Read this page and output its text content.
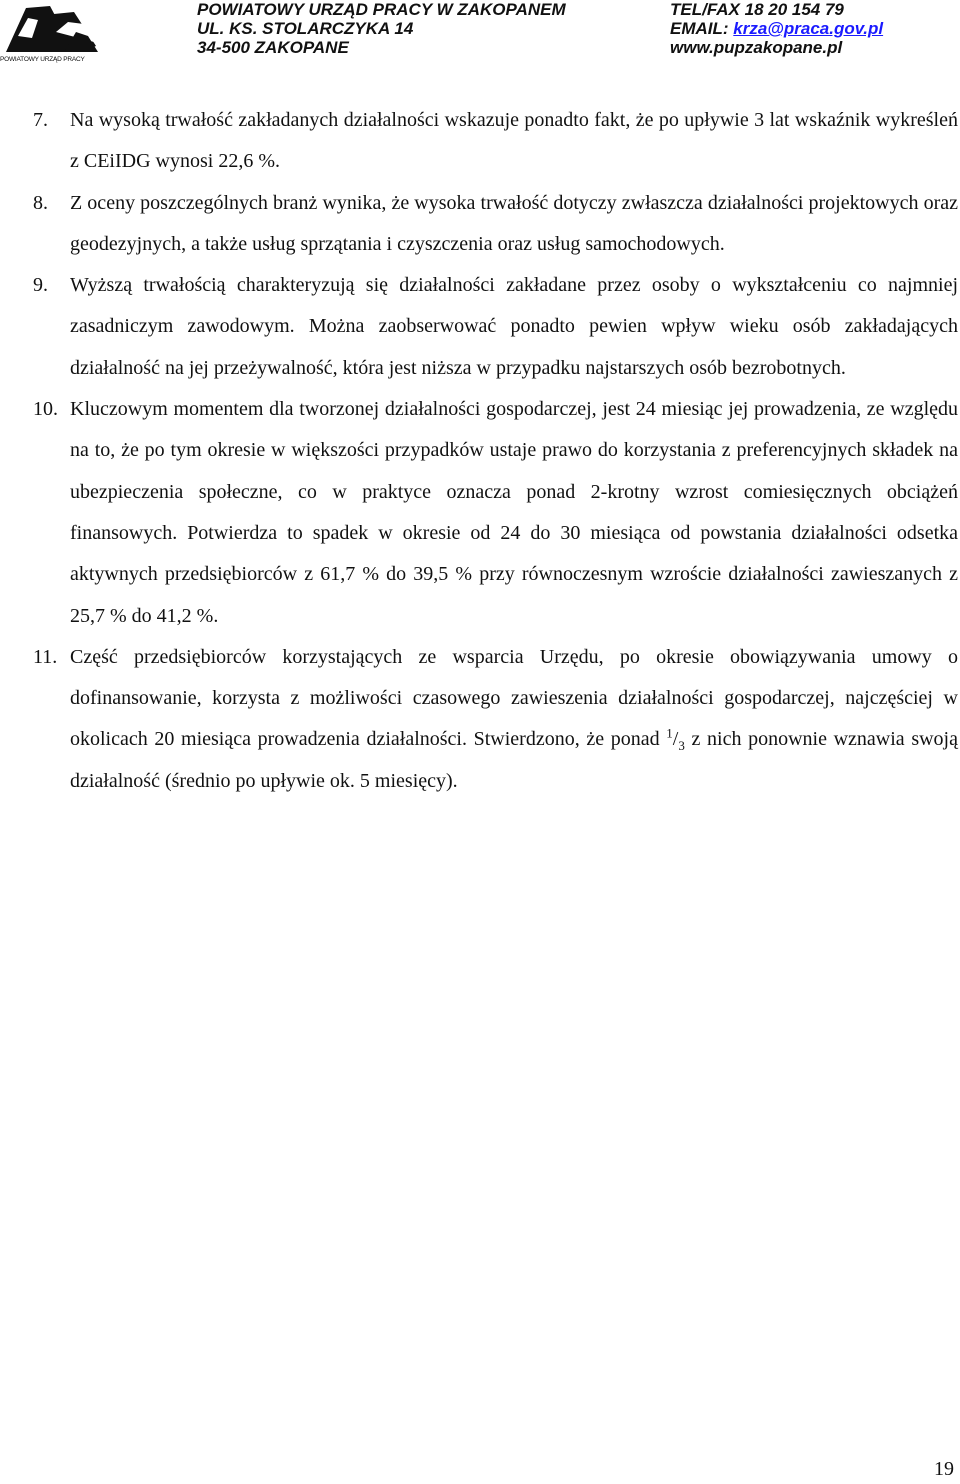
POWIATOWY URZĄD PRACY
POWIATOWY URZĄD PRACY W ZAKOPANEM
UL. KS. STOLARCZYKA 14
34-500 ZAKOPANE
TEL/FAX 18 20 154 79
EMAIL: krza@praca.gov.pl
www.pupzakopane.pl
7. Na wysoką trwałość zakładanych działalności wskazuje ponadto fakt, że po upływie 3 lat wskaźnik wykreśleń z CEiIDG wynosi 22,6 %.

8. Z oceny poszczególnych branż wynika, że wysoka trwałość dotyczy zwłaszcza działalności projektowych oraz geodezyjnych, a także usług sprzątania i czyszczenia oraz usług samochodowych.

9. Wyższą trwałością charakteryzują się działalności zakładane przez osoby o wykształceniu co najmniej zasadniczym zawodowym. Można zaobserwować ponadto pewien wpływ wieku osób zakładających działalność na jej przeżywalność, która jest niższa w przypadku najstarszych osób bezrobotnych.

10. Kluczowym momentem dla tworzonej działalności gospodarczej, jest 24 miesiąc jej prowadzenia, ze względu na to, że po tym okresie w większości przypadków ustaje prawo do korzystania z preferencyjnych składek na ubezpieczenia społeczne, co w praktyce oznacza ponad 2-krotny wzrost comiesięcznych obciążeń finansowych. Potwierdza to spadek w okresie od 24 do 30 miesiąca od powstania działalności odsetka aktywnych przedsiębiorców z 61,7 % do 39,5 % przy równoczesnym wzroście działalności zawieszanych z 25,7 % do 41,2 %.

11. Część przedsiębiorców korzystających ze wsparcia Urzędu, po okresie obowiązywania umowy o dofinansowanie, korzysta z możliwości czasowego zawieszenia działalności gospodarczej, najczęściej w okolicach 20 miesiąca prowadzenia działalności. Stwierdzono, że ponad $^1/_3$ z nich ponownie wznawia swoją działalność (średnio po upływie ok. 5 miesięcy).

19
